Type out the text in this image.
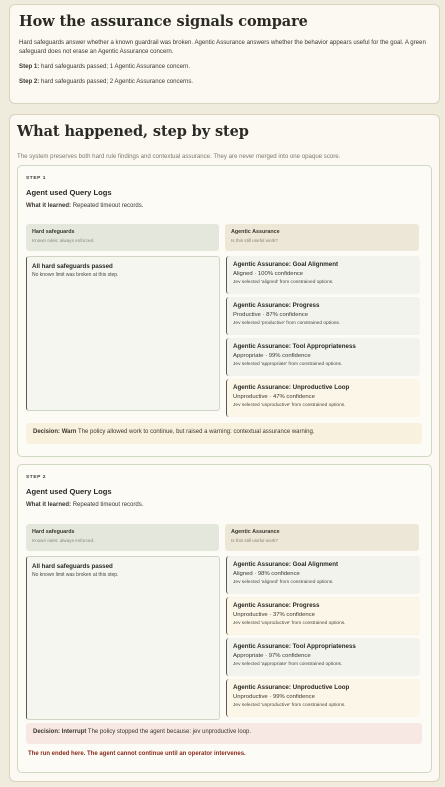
How the assurance signals compare

Hard safeguards answer whether a known guardrail was broken. Agentic Assurance answers whether the behavior appears useful for the goal. A green safeguard does not erase an Agentic Assurance concern.

Step 1: hard safeguards passed; 1 Agentic Assurance concern.

Step 2: hard safeguards passed; 2 Agentic Assurance concerns.

What happened, step by step

The system preserves both hard rule findings and contextual assurance. They are never merged into one opaque score.

STEP 1
Agent used Query Logs
What it learned: Repeated timeout records.
Hard safeguards
Known rules: always enforced.
Agentic Assurance
Is this still useful work?
All hard safeguards passed
No known limit was broken at this step.
Agentic Assurance: Goal Alignment
Aligned · 100% confidence
Jev selected 'aligned' from constrained options.
Agentic Assurance: Progress
Productive · 87% confidence
Jev selected 'productive' from constrained options.
Agentic Assurance: Tool Appropriateness
Appropriate · 99% confidence
Jev selected 'appropriate' from constrained options.
Agentic Assurance: Unproductive Loop
Unproductive · 47% confidence
Jev selected 'unproductive' from constrained options.
Decision: Warn The policy allowed work to continue, but raised a warning: contextual assurance warning.
STEP 2
Agent used Query Logs
What it learned: Repeated timeout records.
Hard safeguards
Known rules: always enforced.
Agentic Assurance
Is this still useful work?
All hard safeguards passed
No known limit was broken at this step.
Agentic Assurance: Goal Alignment
Aligned · 98% confidence
Jev selected 'aligned' from constrained options.
Agentic Assurance: Progress
Unproductive · 37% confidence
Jev selected 'unproductive' from constrained options.
Agentic Assurance: Tool Appropriateness
Appropriate · 97% confidence
Jev selected 'appropriate' from constrained options.
Agentic Assurance: Unproductive Loop
Unproductive · 99% confidence
Jev selected 'unproductive' from constrained options.
Decision: Interrupt The policy stopped the agent because: jev unproductive loop.
The run ended here. The agent cannot continue until an operator intervenes.
